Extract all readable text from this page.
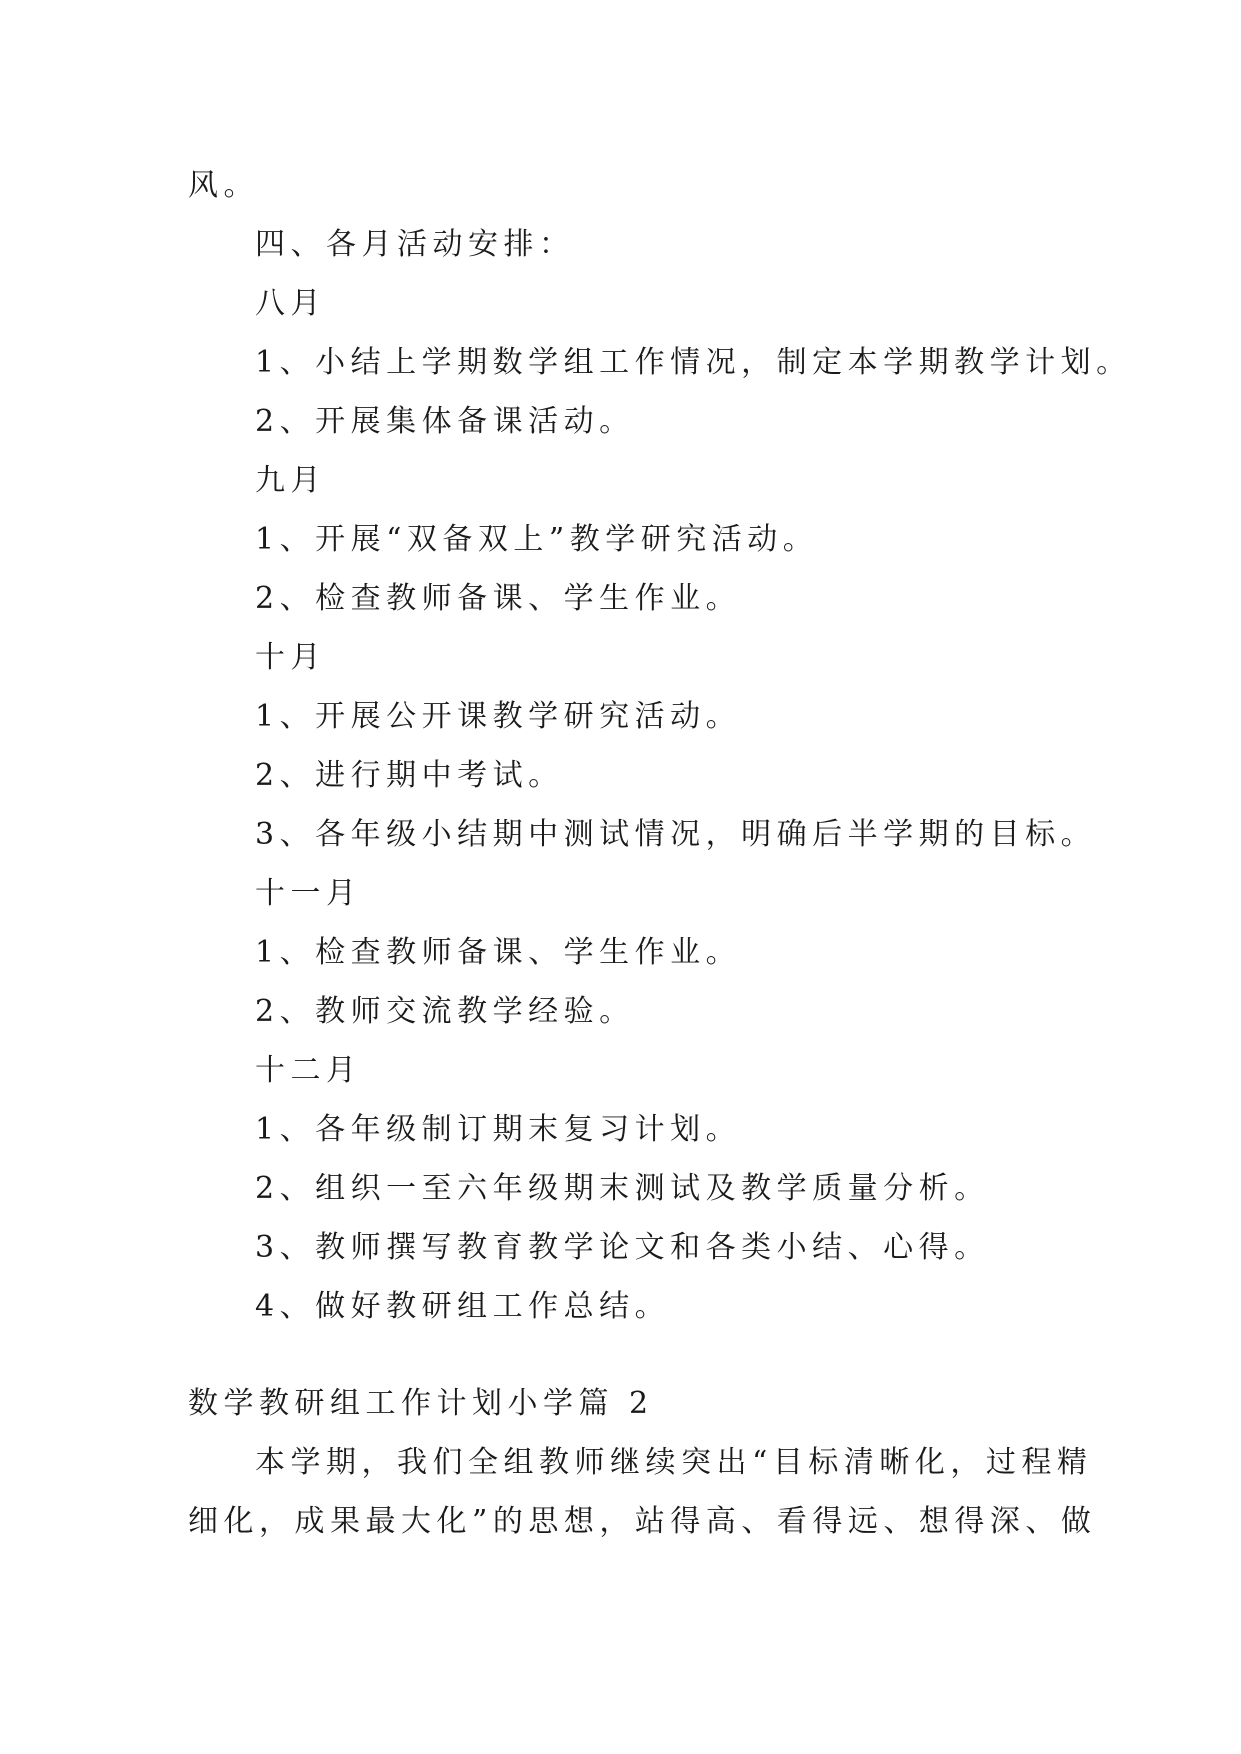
风。
四、各月活动安排：
八月
1、小结上学期数学组工作情况，制定本学期教学计划。
2、开展集体备课活动。
九月
1、开展“双备双上”教学研究活动。
2、检查教师备课、学生作业。
十月
1、开展公开课教学研究活动。
2、进行期中考试。
3、各年级小结期中测试情况，明确后半学期的目标。
十一月
1、检查教师备课、学生作业。
2、教师交流教学经验。
十二月
1、各年级制订期末复习计划。
2、组织一至六年级期末测试及教学质量分析。
3、教师撰写教育教学论文和各类小结、心得。
4、做好教研组工作总结。
数学教研组工作计划小学篇 2
本学期，我们全组教师继续突出“目标清晰化，过程精
细化，成果最大化”的思想，站得高、看得远、想得深、做
